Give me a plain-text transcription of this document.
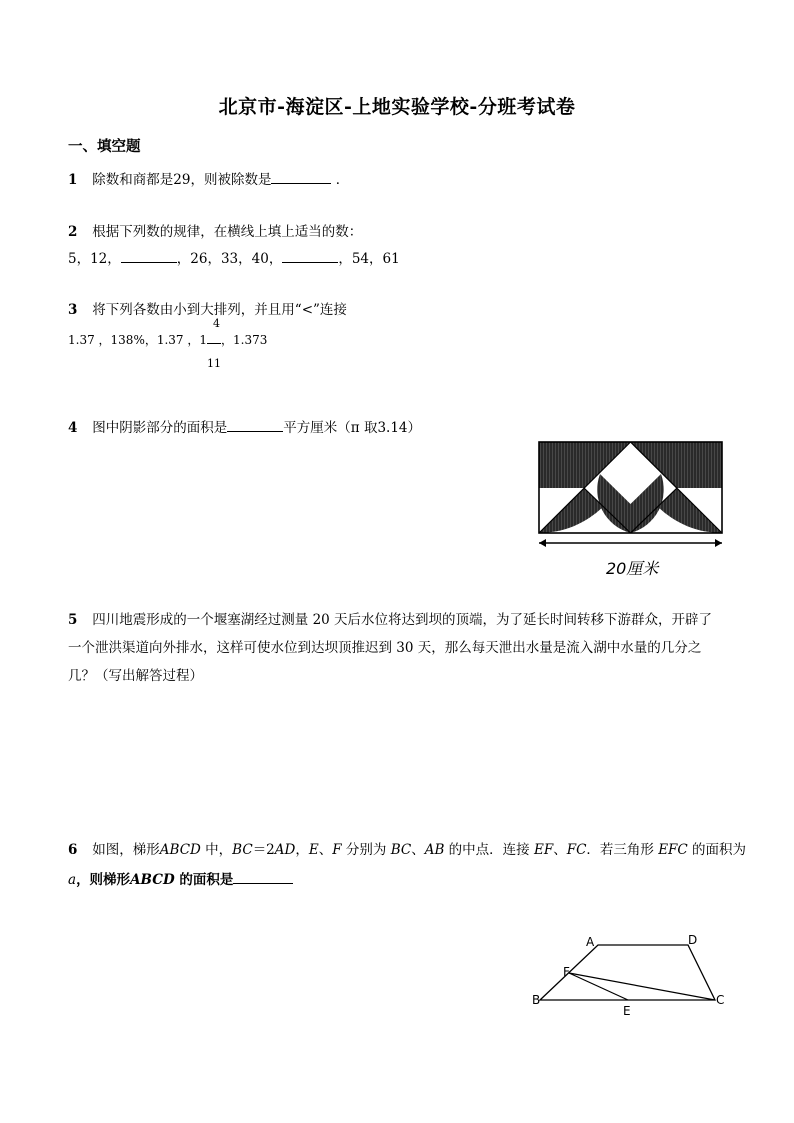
北京市-海淀区-上地实验学校-分班考试卷
一、填空题
1 除数和商都是29，则被除数是	．
2 根据下列数的规律，在横线上填上适当的数：
5，12，	，26，33，40，	，54，61
3 将下列各数由小到大排列，并且用“<”连接
1.37 ，138%，1.37 ，1
4
，1.373
11
4 图中阴影部分的面积是	平方厘米（π 取3.14）
20厘米
5 四川地震形成的一个堰塞湖经过测量 20 天后水位将达到坝的顶端，为了延长时间转移下游群众，开辟了
一个泄洪渠道向外排水，这样可使水位到达坝顶推迟到 30 天，那么每天泄出水量是流入湖中水量的几分之
几？（写出解答过程）
6 如图，梯形ABCD 中，BC＝2AD，E、F 分别为 BC、AB 的中点．连接 EF、FC．若三角形 EFC 的面积为
a，则梯形ABCD 的面积是
A	D
F
B	C
E
